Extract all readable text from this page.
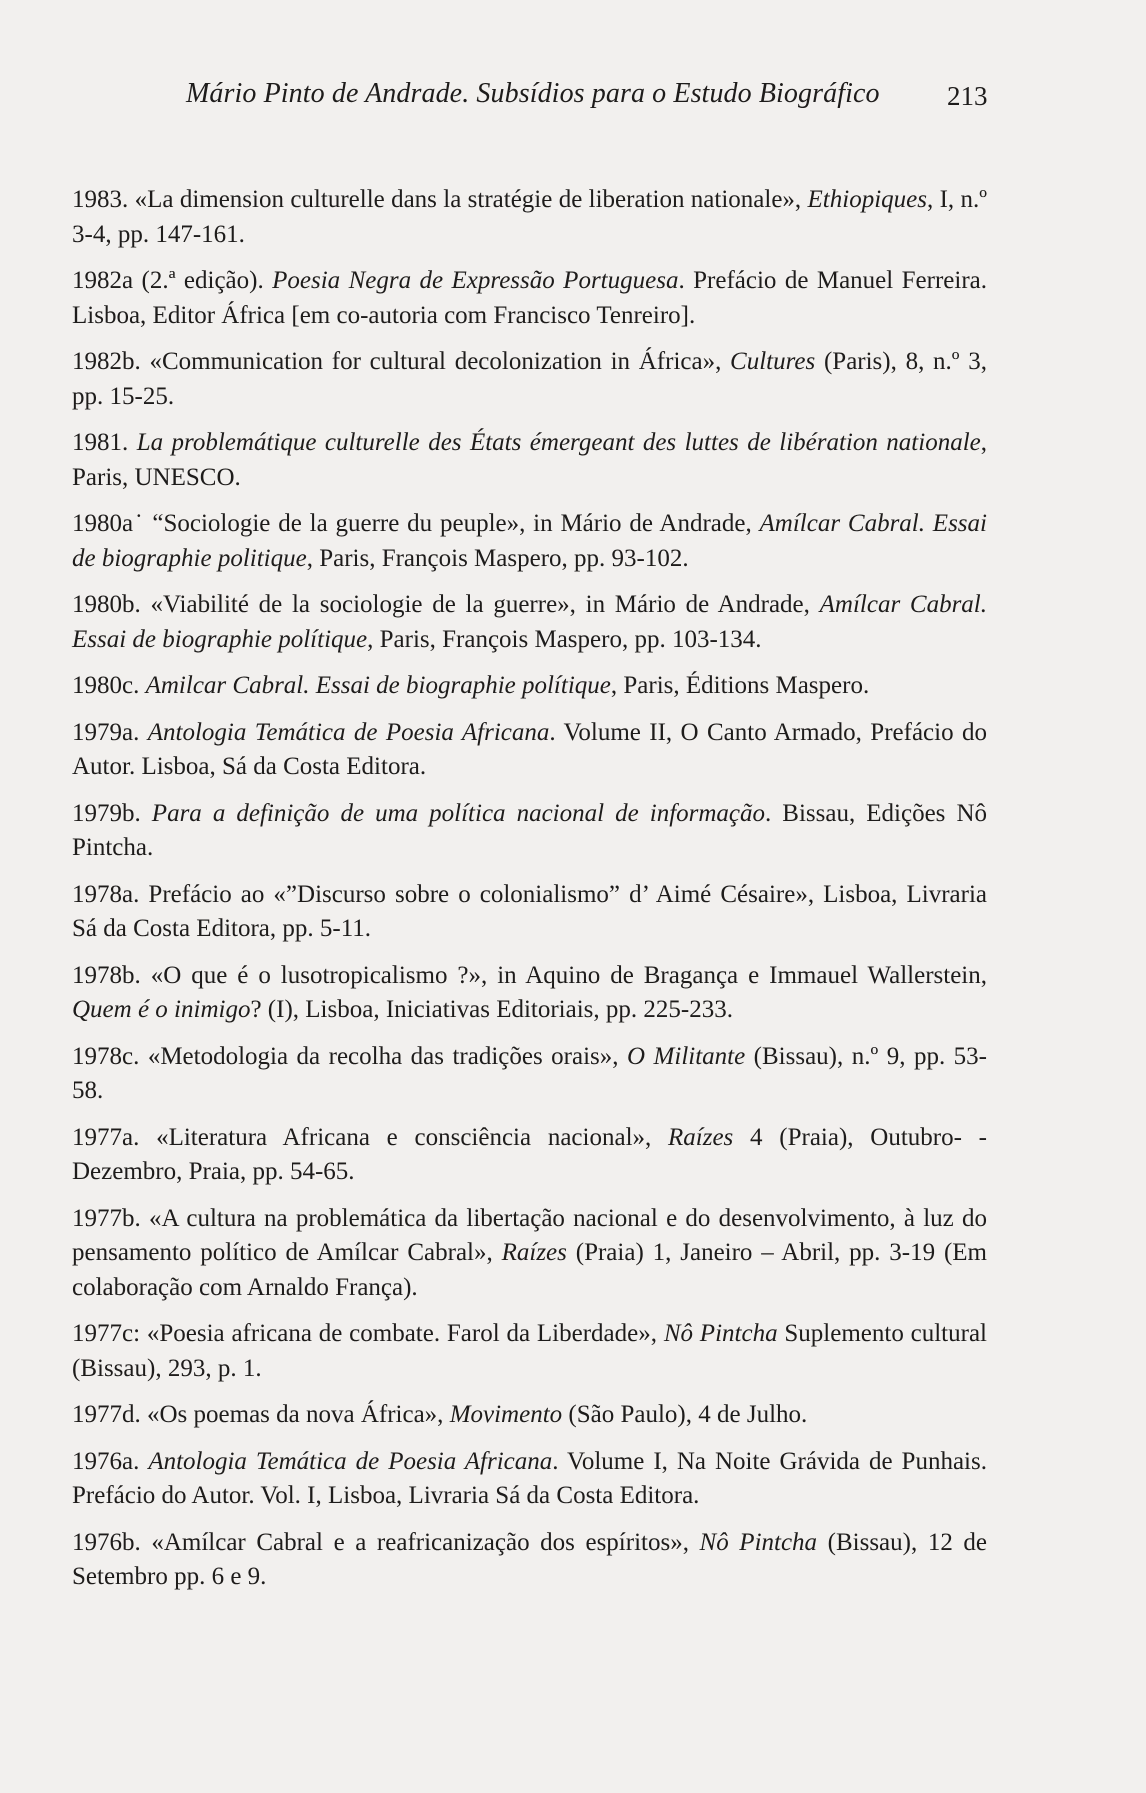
Mário Pinto de Andrade. Subsídios para o Estudo Biográfico 213

1983. «La dimension culturelle dans la stratégie de liberation nationale», Ethiopiques, I, n.º 3-4, pp. 147-161.

1982a (2.ª edição). Poesia Negra de Expressão Portuguesa. Prefácio de Manuel Ferreira. Lisboa, Editor África [em co-autoria com Francisco Tenreiro].

1982b. «Communication for cultural decolonization in África», Cultures (Paris), 8, n.º 3, pp. 15-25.

1981. La problemátique culturelle des États émergeant des luttes de libération nationale, Paris, UNESCO.

1980a˙ “Sociologie de la guerre du peuple», in Mário de Andrade, Amílcar Cabral. Essai de biographie politique, Paris, François Maspero, pp. 93-102.

1980b. «Viabilité de la sociologie de la guerre», in Mário de Andrade, Amílcar Cabral. Essai de biographie polítique, Paris, François Maspero, pp. 103-134.

1980c. Amilcar Cabral. Essai de biographie polítique, Paris, Éditions Maspero.

1979a. Antologia Temática de Poesia Africana. Volume II, O Canto Armado, Prefácio do Autor. Lisboa, Sá da Costa Editora.

1979b. Para a definição de uma política nacional de informação. Bissau, Edições Nô Pintcha.

1978a. Prefácio ao «”Discurso sobre o colonialismo” d’ Aimé Césaire», Lisboa, Livraria Sá da Costa Editora, pp. 5-11.

1978b. «O que é o lusotropicalismo ?», in Aquino de Bragança e Immauel Wallerstein, Quem é o inimigo? (I), Lisboa, Iniciativas Editoriais, pp. 225-233.

1978c. «Metodologia da recolha das tradições orais», O Militante (Bissau), n.º 9, pp. 53-58.

1977a. «Literatura Africana e consciência nacional», Raízes 4 (Praia), Outubro- -Dezembro, Praia, pp. 54-65.

1977b. «A cultura na problemática da libertação nacional e do desenvolvimento, à luz do pensamento político de Amílcar Cabral», Raízes (Praia) 1, Janeiro – Abril, pp. 3-19 (Em colaboração com Arnaldo França).

1977c: «Poesia africana de combate. Farol da Liberdade», Nô Pintcha Suplemento cultural (Bissau), 293, p. 1.

1977d. «Os poemas da nova África», Movimento (São Paulo), 4 de Julho.

1976a. Antologia Temática de Poesia Africana. Volume I, Na Noite Grávida de Punhais. Prefácio do Autor. Vol. I, Lisboa, Livraria Sá da Costa Editora.

1976b. «Amílcar Cabral e a reafricanização dos espíritos», Nô Pintcha (Bissau), 12 de Setembro pp. 6 e 9.
